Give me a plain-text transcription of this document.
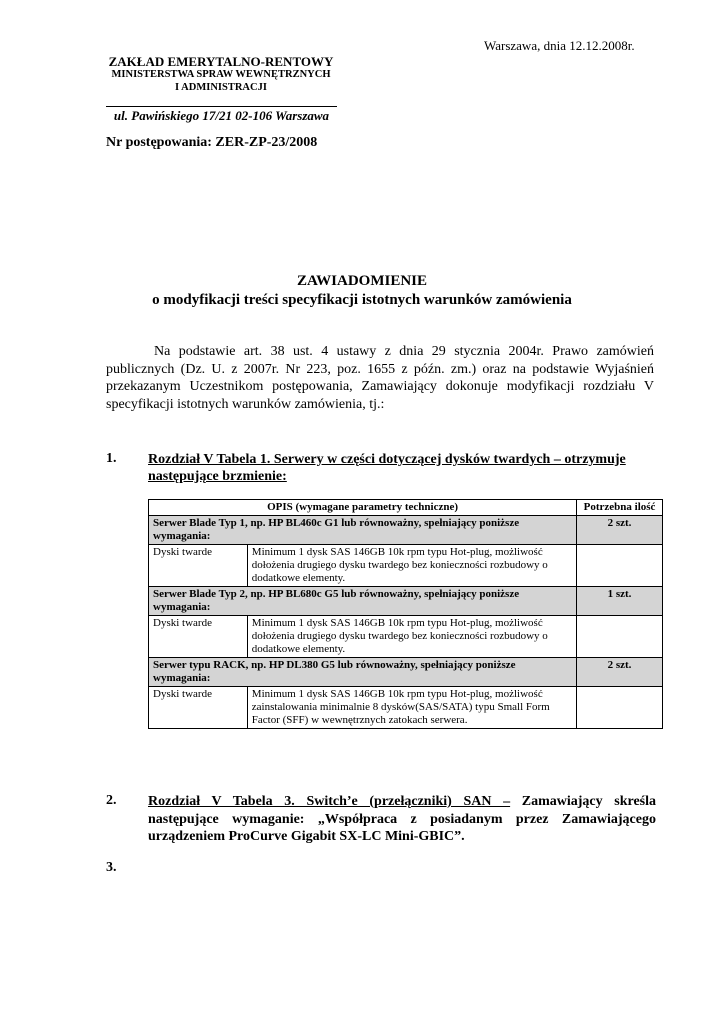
Warszawa, dnia 12.12.2008r.
ZAKŁAD EMERYTALNO-RENTOWY
MINISTERSTWA SPRAW WEWNĘTRZNYCH
I ADMINISTRACJI
ul. Pawińskiego 17/21 02-106 Warszawa
Nr postępowania: ZER-ZP-23/2008
ZAWIADOMIENIE
o modyfikacji treści specyfikacji istotnych warunków zamówienia
Na podstawie art. 38 ust. 4 ustawy z dnia 29 stycznia 2004r. Prawo zamówień publicznych (Dz. U. z 2007r. Nr 223, poz. 1655 z późn. zm.) oraz na podstawie Wyjaśnień przekazanym Uczestnikom postępowania, Zamawiający dokonuje modyfikacji rozdziału V specyfikacji istotnych warunków zamówienia, tj.:
1. Rozdział V Tabela 1. Serwery w części dotyczącej dysków twardych – otrzymuje następujące brzmienie:
OPIS (wymagane parametry techniczne)		Potrzebna ilość
Serwer Blade Typ 1, np. HP BL460c G1 lub równoważny, spełniający poniższe wymagania:		2 szt.
Dyski twarde	Minimum 1 dysk SAS 146GB 10k rpm typu Hot-plug, możliwość dołożenia drugiego dysku twardego bez konieczności rozbudowy o dodatkowe elementy.	
Serwer Blade Typ 2, np. HP BL680c G5 lub równoważny, spełniający poniższe wymagania:		1 szt.
Dyski twarde	Minimum 1 dysk SAS 146GB 10k rpm typu Hot-plug, możliwość dołożenia drugiego dysku twardego bez konieczności rozbudowy o dodatkowe elementy.	
Serwer typu RACK, np. HP DL380 G5 lub równoważny, spełniający poniższe wymagania:		2 szt.
Dyski twarde	Minimum 1 dysk SAS 146GB 10k rpm typu Hot-plug, możliwość zainstalowania minimalnie 8 dysków(SAS/SATA) typu Small Form Factor (SFF) w wewnętrznych zatokach serwera.	
2. Rozdział V Tabela 3. Switch’e (przełączniki) SAN – Zamawiający skreśla następujące wymaganie: „Współpraca z posiadanym przez Zamawiającego urządzeniem ProCurve Gigabit SX-LC Mini-GBIC”.
3.
